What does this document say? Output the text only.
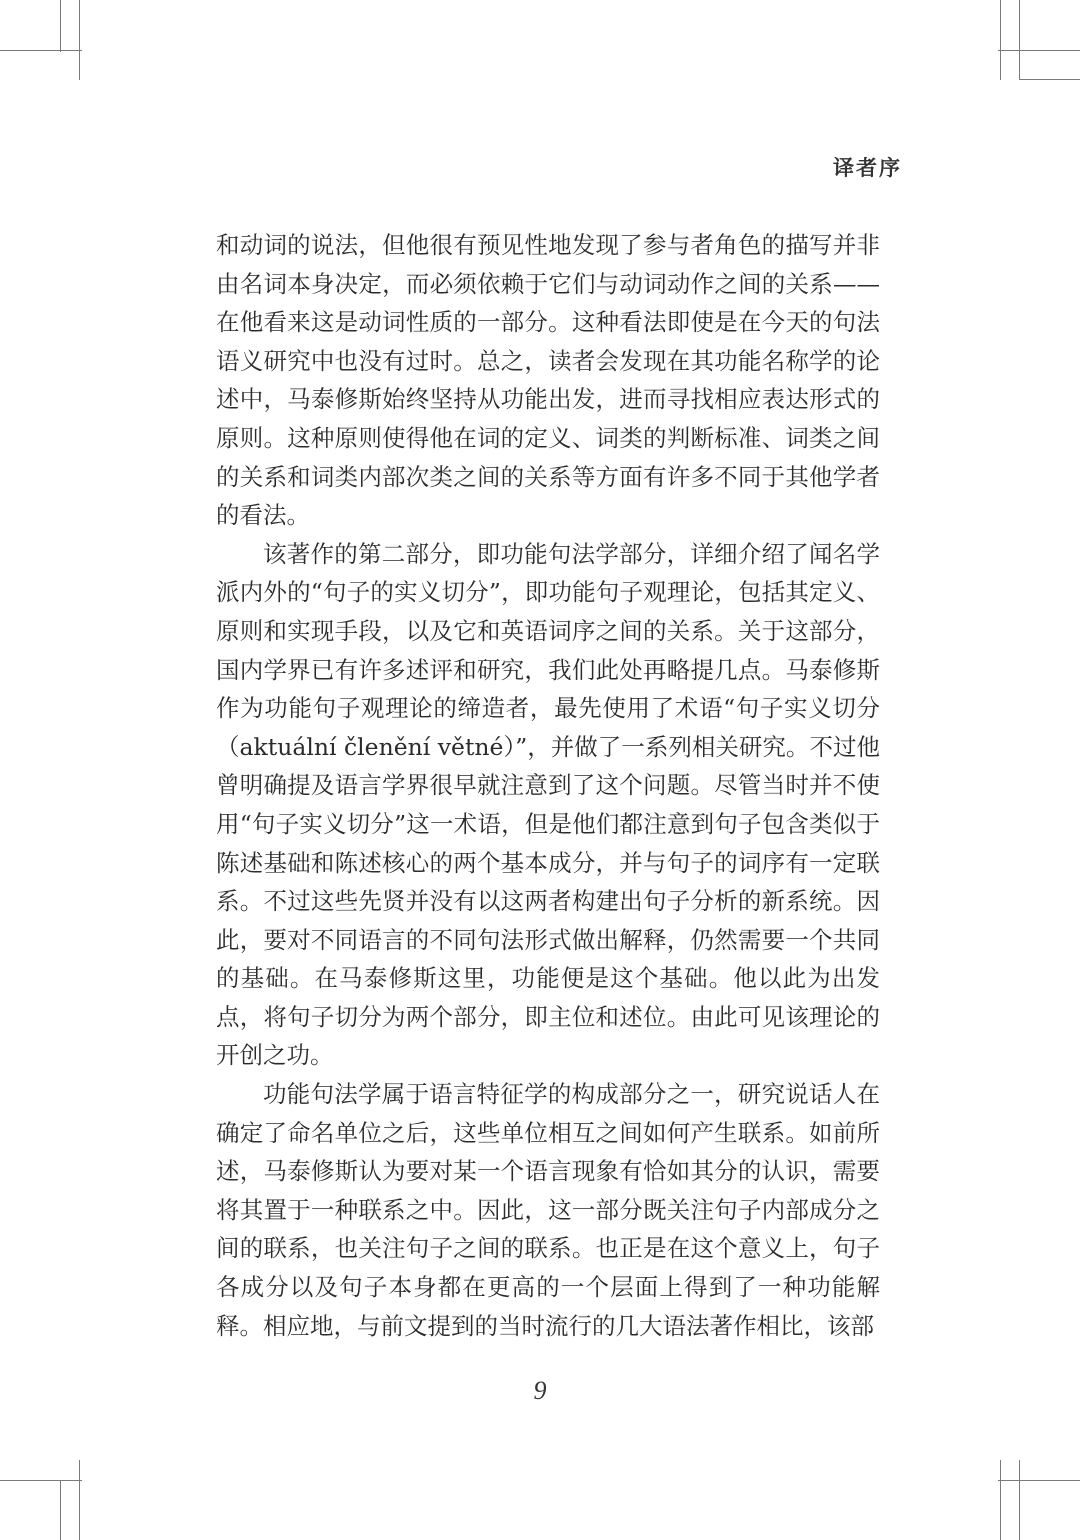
译者序

和动词的说法，但他很有预见性地发现了参与者角色的描写并非由名词本身决定，而必须依赖于它们与动词动作之间的关系——在他看来这是动词性质的一部分。这种看法即使是在今天的句法语义研究中也没有过时。总之，读者会发现在其功能名称学的论述中，马泰修斯始终坚持从功能出发，进而寻找相应表达形式的原则。这种原则使得他在词的定义、词类的判断标准、词类之间的关系和词类内部次类之间的关系等方面有许多不同于其他学者的看法。

该著作的第二部分，即功能句法学部分，详细介绍了闻名学派内外的“句子的实义切分”，即功能句子观理论，包括其定义、原则和实现手段，以及它和英语词序之间的关系。关于这部分，国内学界已有许多述评和研究，我们此处再略提几点。马泰修斯作为功能句子观理论的缔造者，最先使用了术语“句子实义切分（aktuální členění větné）”，并做了一系列相关研究。不过他曾明确提及语言学界很早就注意到了这个问题。尽管当时并不使用“句子实义切分”这一术语，但是他们都注意到句子包含类似于陈述基础和陈述核心的两个基本成分，并与句子的词序有一定联系。不过这些先贤并没有以这两者构建出句子分析的新系统。因此，要对不同语言的不同句法形式做出解释，仍然需要一个共同的基础。在马泰修斯这里，功能便是这个基础。他以此为出发点，将句子切分为两个部分，即主位和述位。由此可见该理论的开创之功。

功能句法学属于语言特征学的构成部分之一，研究说话人在确定了命名单位之后，这些单位相互之间如何产生联系。如前所述，马泰修斯认为要对某一个语言现象有恰如其分的认识，需要将其置于一种联系之中。因此，这一部分既关注句子内部成分之间的联系，也关注句子之间的联系。也正是在这个意义上，句子各成分以及句子本身都在更高的一个层面上得到了一种功能解释。相应地，与前文提到的当时流行的几大语法著作相比，该部

9
